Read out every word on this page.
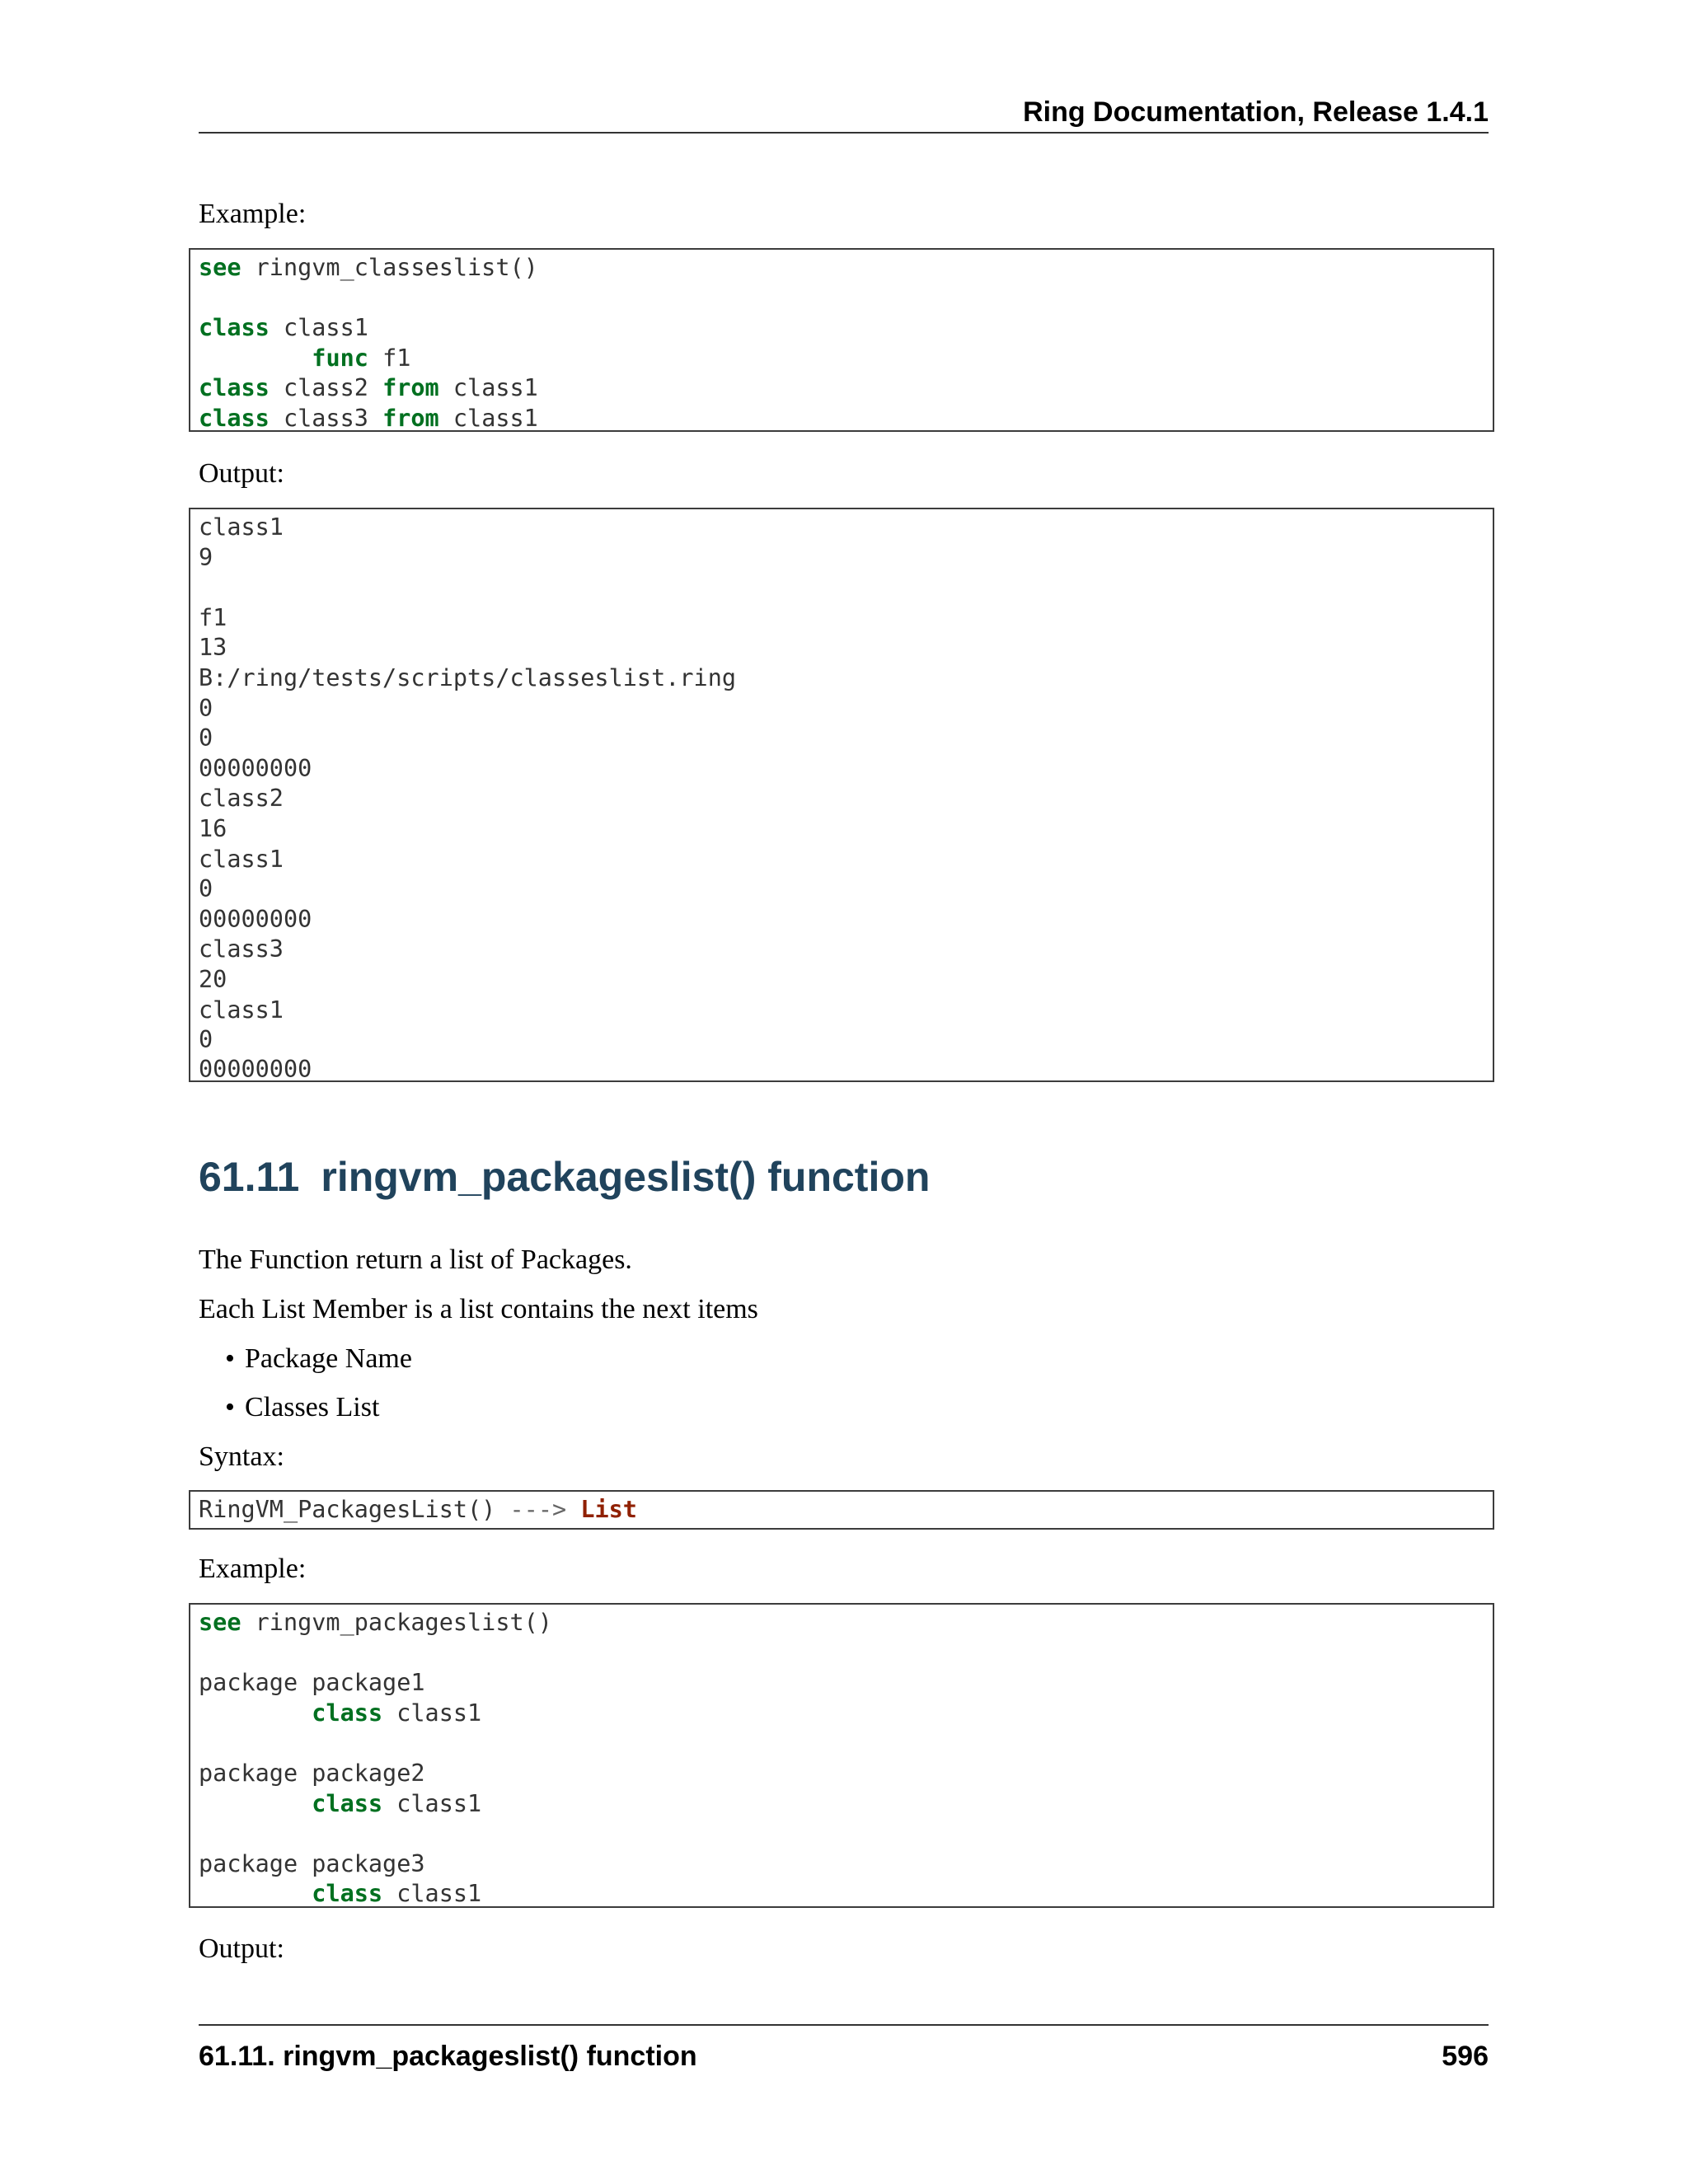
Ring Documentation, Release 1.4.1
Example:
see ringvm_classeslist()
class class1
func f1
class class2 from class1
class class3 from class1
Output:
class1
9
f1
13
B:/ring/tests/scripts/classeslist.ring
0
0
00000000
class2
16
class1
0
00000000
class3
20
class1
0
00000000
61.11 ringvm_packageslist() function
The Function return a list of Packages.
Each List Member is a list contains the next items
• Package Name
• Classes List
Syntax:
RingVM_PackagesList() ---> List
Example:
see ringvm_packageslist()
package package1
class class1
package package2
class class1
package package3
class class1
Output:
61.11. ringvm_packageslist() function	596
